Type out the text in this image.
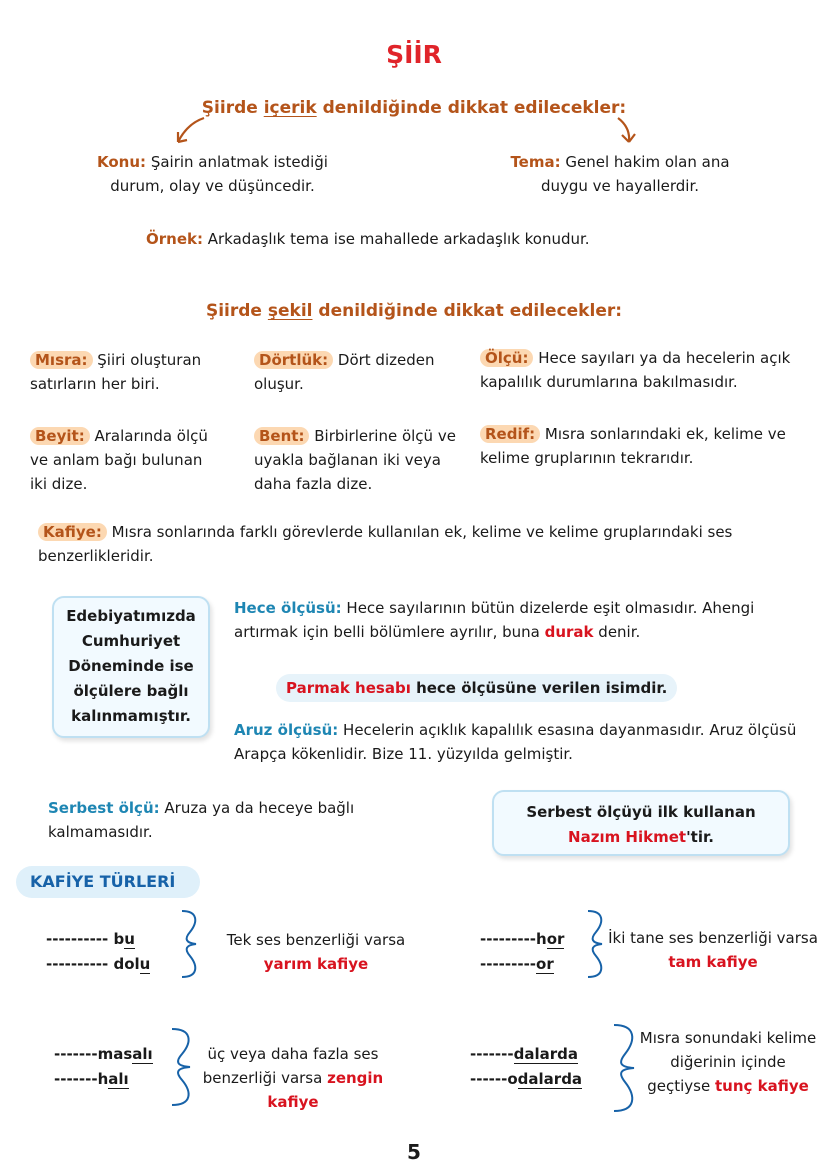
ŞİİR
Şiirde içerik denildiğinde dikkat edilecekler:
Konu: Şairin anlatmak istediği durum, olay ve düşüncedir.
Tema: Genel hakim olan ana duygu ve hayallerdir.
Örnek: Arkadaşlık tema ise mahallede arkadaşlık konudur.
Şiirde şekil denildiğinde dikkat edilecekler:
Mısra: Şiiri oluşturan satırların her biri.
Dörtlük: Dört dizeden oluşur.
Ölçü: Hece sayıları ya da hecelerin açık kapalılık durumlarına bakılmasıdır.
Beyit: Aralarında ölçü ve anlam bağı bulunan iki dize.
Bent: Birbirlerine ölçü ve uyakla bağlanan iki veya daha fazla dize.
Redif: Mısra sonlarındaki ek, kelime ve kelime gruplarının tekrarıdır.
Kafiye: Mısra sonlarında farklı görevlerde kullanılan ek, kelime ve kelime gruplarındaki ses benzerlikleridir.
Edebiyatımızda Cumhuriyet Döneminde ise ölçülere bağlı kalınmamıştır.
Hece ölçüsü: Hece sayılarının bütün dizelerde eşit olmasıdır. Ahengi artırmak için belli bölümlere ayrılır, buna durak denir.
Parmak hesabı hece ölçüsüne verilen isimdir.
Aruz ölçüsü: Hecelerin açıklık kapalılık esasına dayanmasıdır. Aruz ölçüsü Arapça kökenlidir. Bize 11. yüzyılda gelmiştir.
Serbest ölçü: Aruza ya da heceye bağlı kalmamasıdır.
Serbest ölçüyü ilk kullanan
Nazım Hikmet'tir.
KAFİYE TÜRLERİ
---------- bu
---------- dolu
Tek ses benzerliği varsa
yarım kafiye
---------hor
---------or
İki tane ses benzerliği varsa tam kafiye
-------masalı
-------halı
üç veya daha fazla ses benzerliği varsa zengin kafiye
-------dalarda
------odalarda
Mısra sonundaki kelime diğerinin içinde geçtiyse tunç kafiye
5
